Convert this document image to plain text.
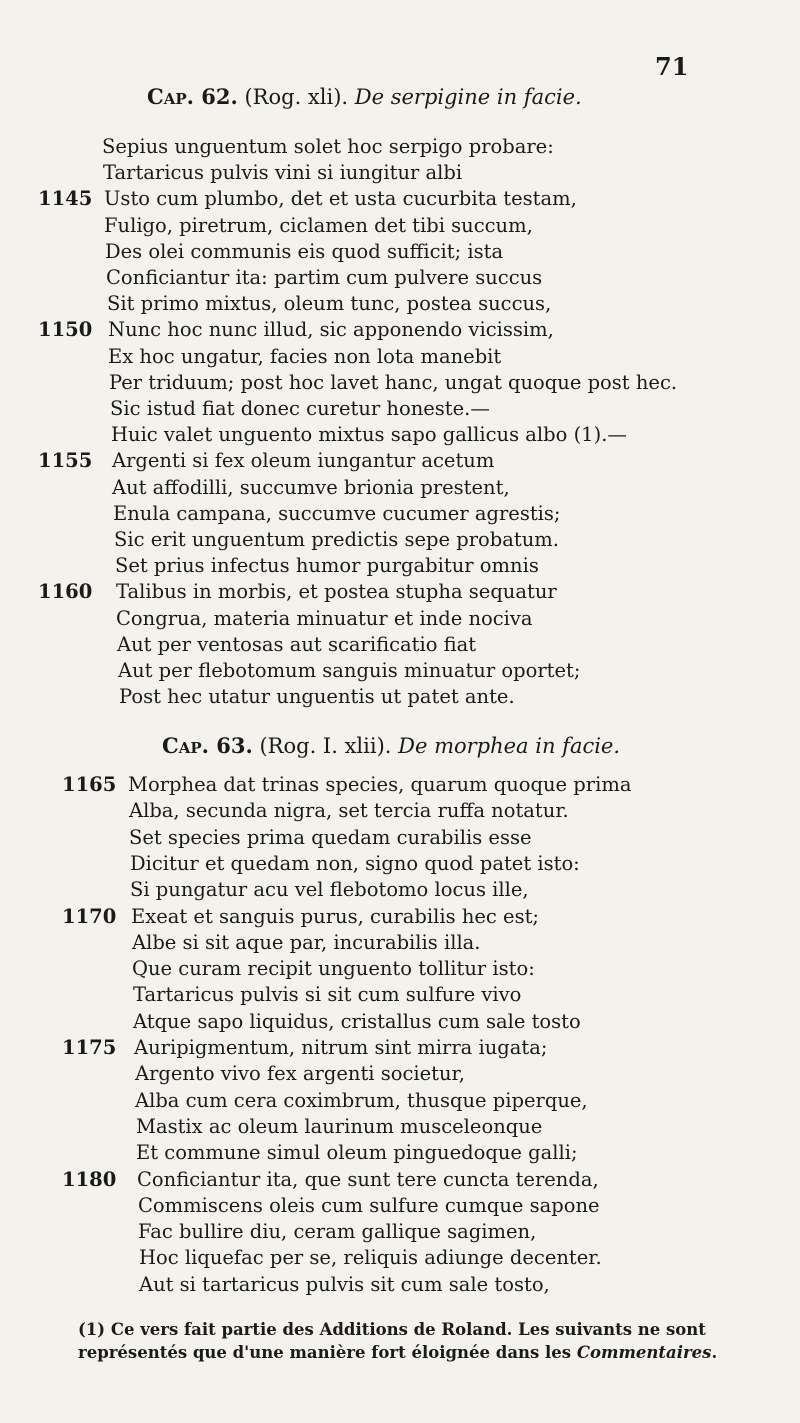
71
Cap. 62. (Rog. xli). De serpigine in facie.
Sepius unguentum solet hoc serpigo probare:
Tartaricus pulvis vini si iungitur albi
Usto cum plumbo, det et usta cucurbita testam,
1145
Fuligo, piretrum, ciclamen det tibi succum,
Des olei communis eis quod sufficit; ista
Conficiantur ita: partim cum pulvere succus
Sit primo mixtus, oleum tunc, postea succus,
Nunc hoc nunc illud, sic apponendo vicissim,
1150
Ex hoc ungatur, facies non lota manebit
Per triduum; post hoc lavet hanc, ungat quoque post hec.
Sic istud fiat donec curetur honeste.—
Huic valet unguento mixtus sapo gallicus albo (1).—
Argenti si fex oleum iungantur acetum
1155
Aut affodilli, succumve brionia prestent,
Enula campana, succumve cucumer agrestis;
Sic erit unguentum predictis sepe probatum.
Set prius infectus humor purgabitur omnis
Talibus in morbis, et postea stupha sequatur
1160
Congrua, materia minuatur et inde nociva
Aut per ventosas aut scarificatio fiat
Aut per flebotomum sanguis minuatur oportet;
Post hec utatur unguentis ut patet ante.
Cap. 63. (Rog. I. xlii). De morphea in facie.
Morphea dat trinas species, quarum quoque prima
1165
Alba, secunda nigra, set tercia ruffa notatur.
Set species prima quedam curabilis esse
Dicitur et quedam non, signo quod patet isto:
Si pungatur acu vel flebotomo locus ille,
Exeat et sanguis purus, curabilis hec est;
1170
Albe si sit aque par, incurabilis illa.
Que curam recipit unguento tollitur isto:
Tartaricus pulvis si sit cum sulfure vivo
Atque sapo liquidus, cristallus cum sale tosto
Auripigmentum, nitrum sint mirra iugata;
1175
Argento vivo fex argenti societur,
Alba cum cera coximbrum, thusque piperque,
Mastix ac oleum laurinum musceleonque
Et commune simul oleum pinguedoque galli;
Conficiantur ita, que sunt tere cuncta terenda,
1180
Commiscens oleis cum sulfure cumque sapone
Fac bullire diu, ceram gallique sagimen,
Hoc liquefac per se, reliquis adiunge decenter.
Aut si tartaricus pulvis sit cum sale tosto,
(1) Ce vers fait partie des Additions de Roland. Les suivants ne sont représentés que d'une manière fort éloignée dans les Commentaires.
